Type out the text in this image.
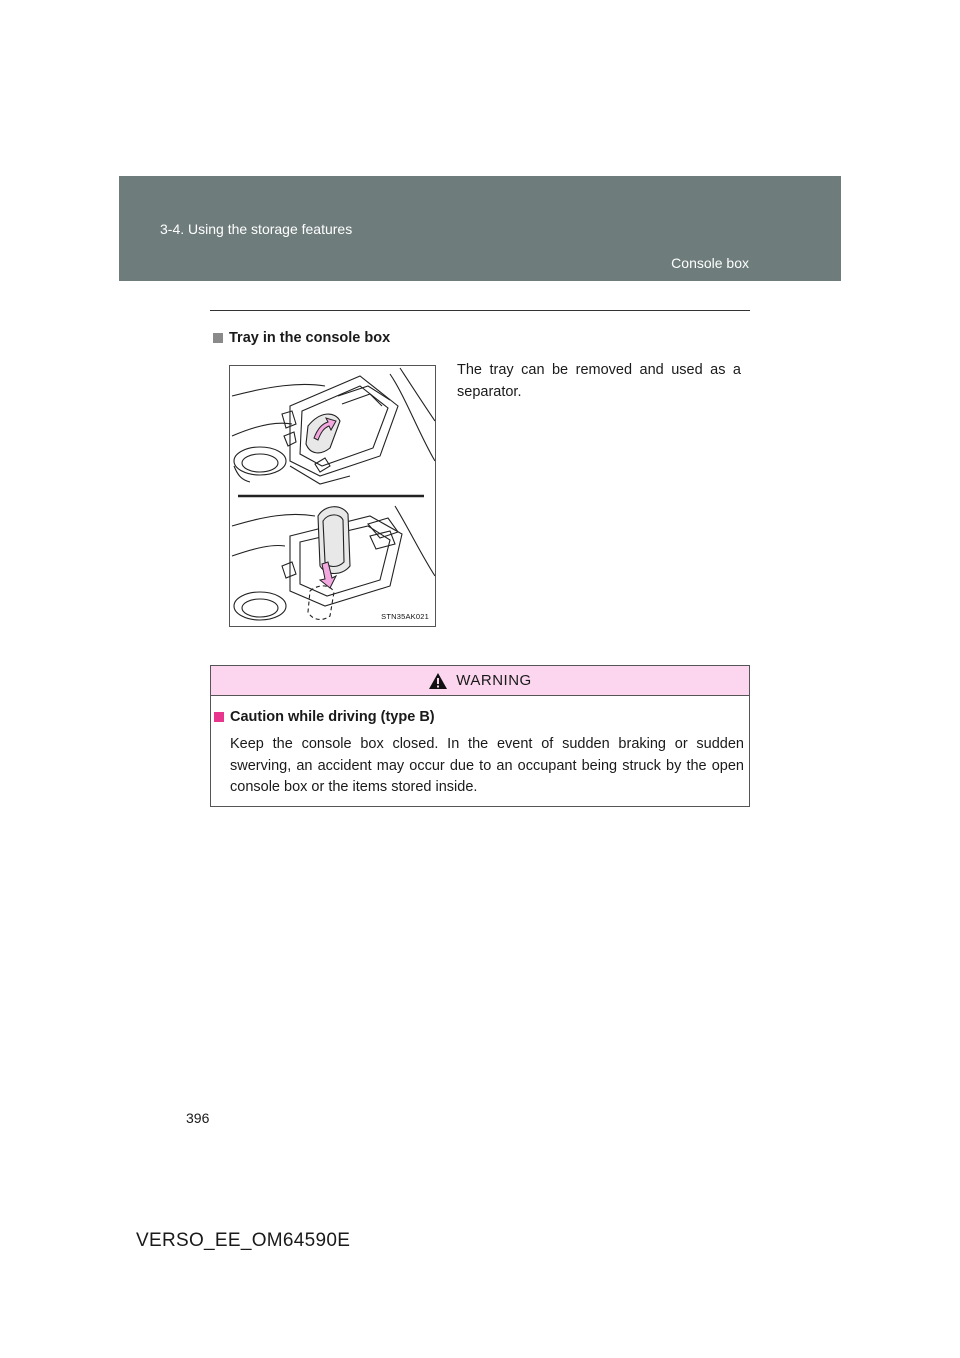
3-4. Using the storage features
Console box
Tray in the console box
STN35AK021

The tray can be removed and used as a separator.

WARNING
Caution while driving (type B)

Keep the console box closed. In the event of sudden braking or sudden swerving, an accident may occur due to an occupant being struck by the open console box or the items stored inside.

396
VERSO_EE_OM64590E
